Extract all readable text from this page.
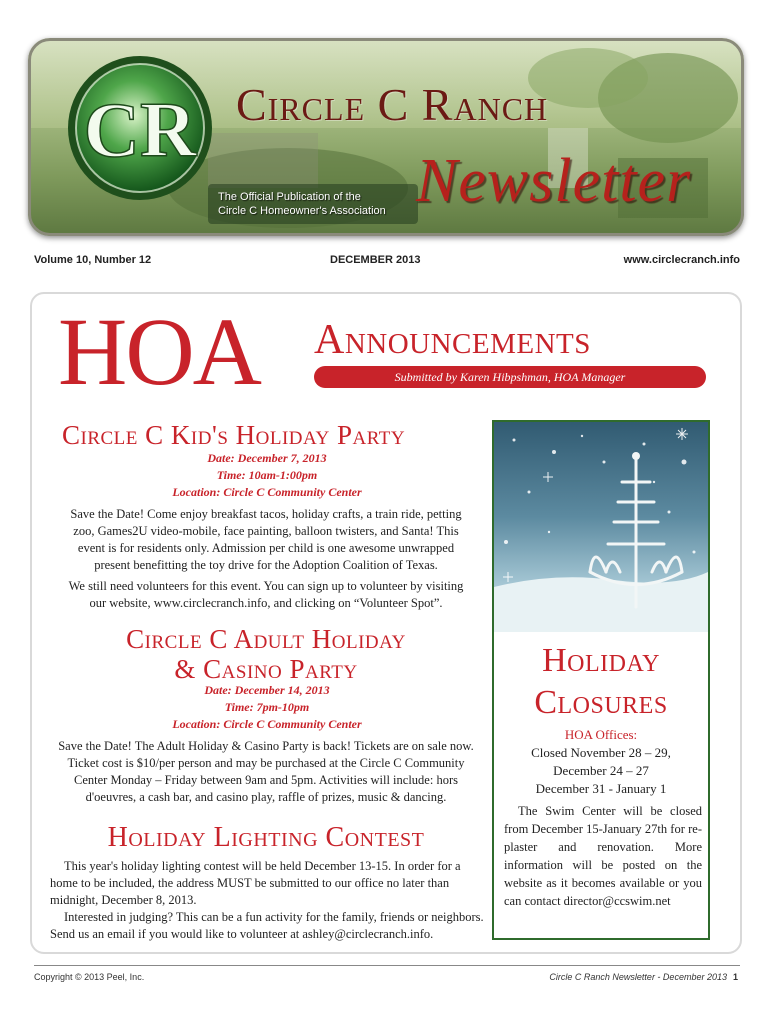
CR Circle C Ranch
Newsletter
The Official Publication of the
Circle C Homeowner's Association
Volume 10, Number 12	DECEMBER 2013	www.circlecranch.info
HOA Announcements
Submitted by Karen Hibpshman, HOA Manager
Circle C Kid's Holiday Party
Date: December 7, 2013
Time: 10am-1:00pm
Location: Circle C Community Center
Save the Date! Come enjoy breakfast tacos, holiday crafts, a train ride, petting
zoo, Games2U video-mobile, face painting, balloon twisters, and Santa! This
event is for residents only. Admission per child is one awesome unwrapped
present benefitting the toy drive for the Adoption Coalition of Texas.
We still need volunteers for this event. You can sign up to volunteer by visiting
our website, www.circlecranch.info, and clicking on “Volunteer Spot”.
Circle C Adult Holiday
& Casino Party
Date: December 14, 2013
Time: 7pm-10pm
Location: Circle C Community Center
Save the Date! The Adult Holiday & Casino Party is back! Tickets are on sale now.
Ticket cost is $10/per person and may be purchased at the Circle C Community
Center Monday – Friday between 9am and 5pm. Activities will include: hors
d'oeuvres, a cash bar, and casino play, raffle of prizes, music & dancing.
Holiday Lighting Contest
This year's holiday lighting contest will be held December 13-15. In order for a
home to be included, the address MUST be submitted to our office no later than
midnight, December 8, 2013.
Interested in judging? This can be a fun activity for the family, friends or neighbors.
Send us an email if you would like to volunteer at ashley@circlecranch.info.
Holiday
Closures
HOA Offices:
Closed November 28 – 29,
December 24 – 27
December 31 - January 1
The Swim Center will be closed from December 15-January 27th for re-plaster and renovation. More information will be posted on the website as it becomes available or you can contact director@ccswim.net
Copyright © 2013 Peel, Inc.	Circle C Ranch Newsletter - December 2013 1
